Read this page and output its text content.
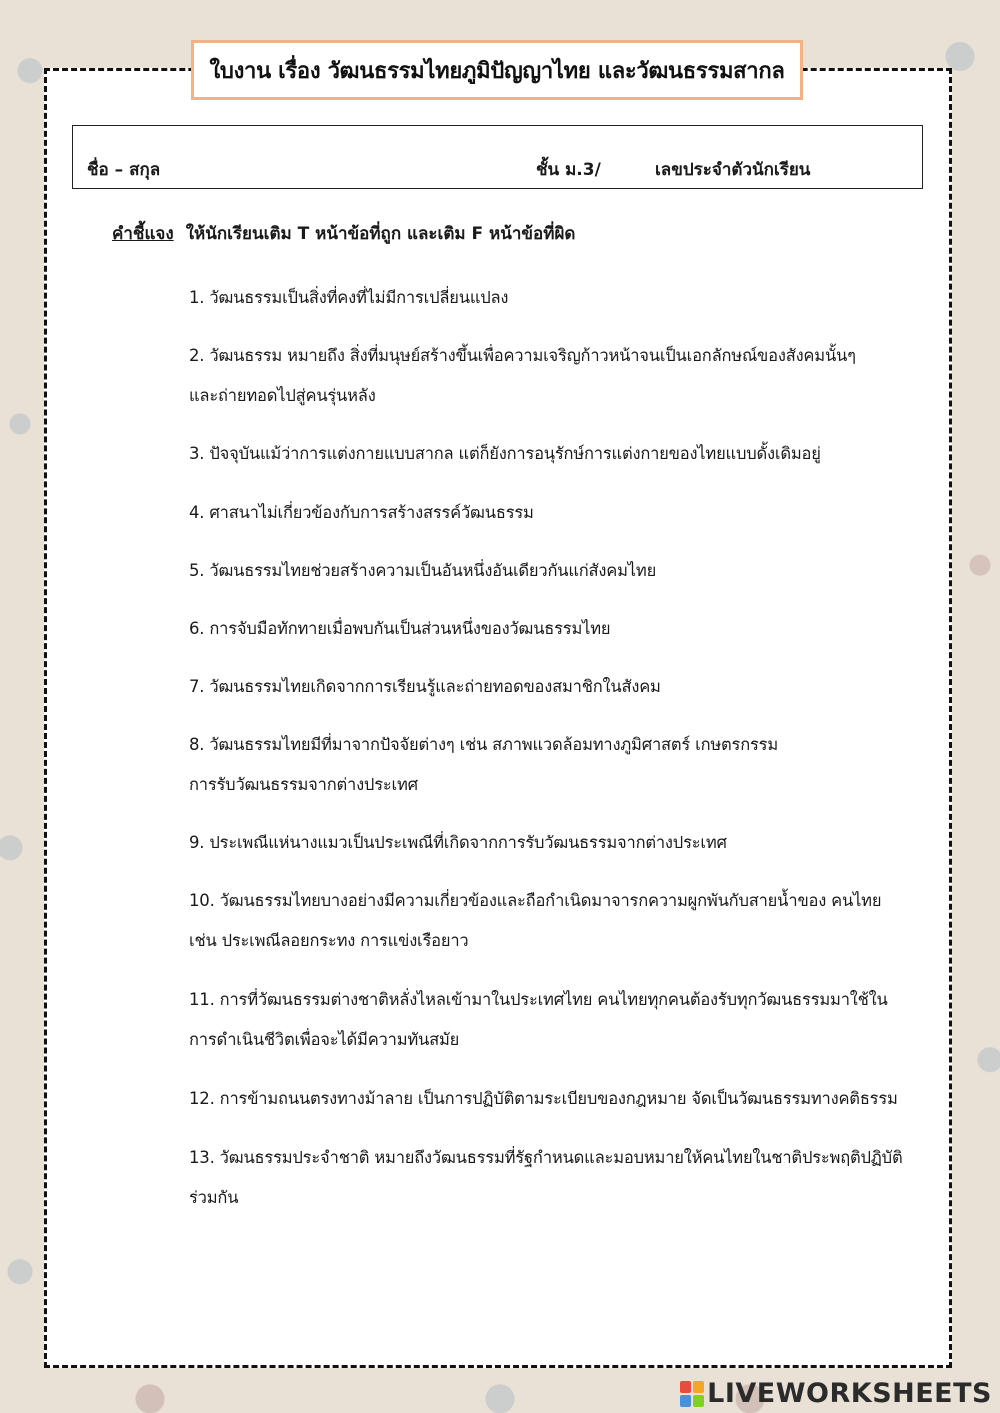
ใบงาน เรื่อง วัฒนธรรมไทยภูมิปัญญาไทย และวัฒนธรรมสากล
ชื่อ – สกุล	ชั้น ม.3/	เลขประจำตัวนักเรียน
คำชี้แจง ให้นักเรียนเติม T หน้าข้อที่ถูก และเติม F หน้าข้อที่ผิด
1. วัฒนธรรมเป็นสิ่งที่คงที่ไม่มีการเปลี่ยนแปลง
2. วัฒนธรรม หมายถึง สิ่งที่มนุษย์สร้างขึ้นเพื่อความเจริญก้าวหน้าจนเป็นเอกลักษณ์ของสังคมนั้นๆ
และถ่ายทอดไปสู่คนรุ่นหลัง
3. ปัจจุบันแม้ว่าการแต่งกายแบบสากล แต่ก็ยังการอนุรักษ์การแต่งกายของไทยแบบดั้งเดิมอยู่
4. ศาสนาไม่เกี่ยวข้องกับการสร้างสรรค์วัฒนธรรม
5. วัฒนธรรมไทยช่วยสร้างความเป็นอันหนึ่งอันเดียวกันแก่สังคมไทย
6. การจับมือทักทายเมื่อพบกันเป็นส่วนหนึ่งของวัฒนธรรมไทย
7. วัฒนธรรมไทยเกิดจากการเรียนรู้และถ่ายทอดของสมาชิกในสังคม
8. วัฒนธรรมไทยมีที่มาจากปัจจัยต่างๆ เช่น สภาพแวดล้อมทางภูมิศาสตร์ เกษตรกรรม
การรับวัฒนธรรมจากต่างประเทศ
9. ประเพณีแห่นางแมวเป็นประเพณีที่เกิดจากการรับวัฒนธรรมจากต่างประเทศ
10. วัฒนธรรมไทยบางอย่างมีความเกี่ยวข้องและถือกำเนิดมาจารกความผูกพันกับสายน้ำของ คนไทย
เช่น ประเพณีลอยกระทง การแข่งเรือยาว
11. การที่วัฒนธรรมต่างชาติหลั่งไหลเข้ามาในประเทศไทย คนไทยทุกคนต้องรับทุกวัฒนธรรมมาใช้ใน
การดำเนินชีวิตเพื่อจะได้มีความทันสมัย
12. การข้ามถนนตรงทางม้าลาย เป็นการปฏิบัติตามระเบียบของกฎหมาย จัดเป็นวัฒนธรรมทางคติธรรม
13. วัฒนธรรมประจำชาติ หมายถึงวัฒนธรรมที่รัฐกำหนดและมอบหมายให้คนไทยในชาติประพฤติปฏิบัติ
ร่วมกัน
LIVEWORKSHEETS
